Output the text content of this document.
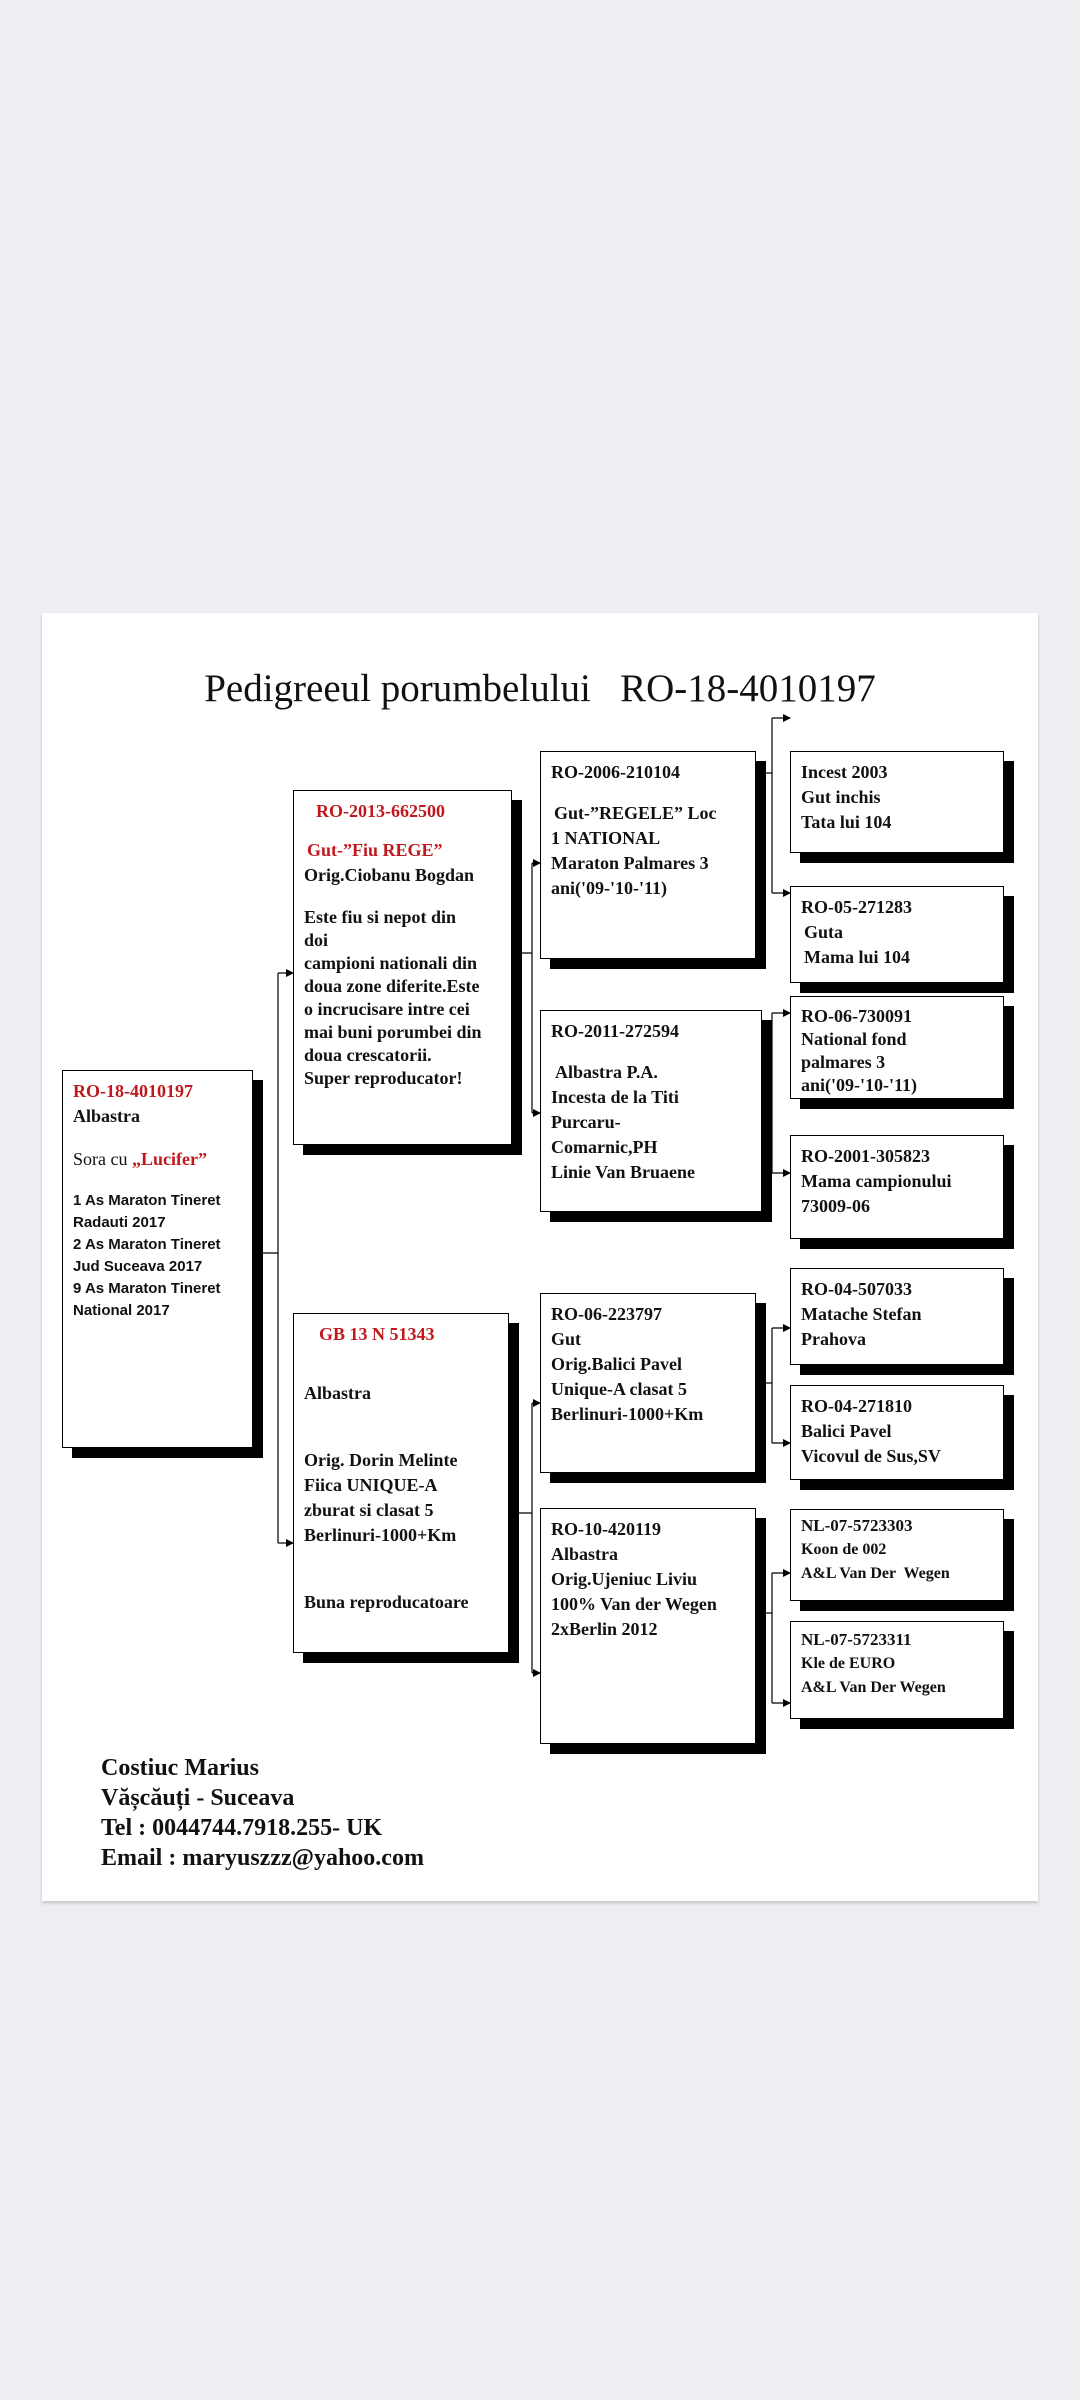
Pedigreeul porumbelului   RO-18-4010197
RO-18-4010197
Albastra
Sora cu „Lucifer”
1 As Maraton Tineret
Radauti 2017
2 As Maraton Tineret
Jud Suceava 2017
9 As Maraton Tineret
National 2017
RO-2013-662500
Gut-”Fiu REGE”
Orig.Ciobanu Bogdan
Este fiu si nepot din
doi
campioni nationali din
doua zone diferite.Este
o incrucisare intre cei
mai buni porumbei din
doua crescatorii.
Super reproducator!
GB 13 N 51343
Albastra
Orig. Dorin Melinte
Fiica UNIQUE-A
zburat si clasat 5
Berlinuri-1000+Km
Buna reproducatoare
RO-2006-210104
Gut-”REGELE” Loc
1 NATIONAL
Maraton Palmares 3
ani('09-'10-'11)
RO-2011-272594
Albastra P.A.
Incesta de la Titi
Purcaru-
Comarnic,PH
Linie Van Bruaene
RO-06-223797
Gut
Orig.Balici Pavel
Unique-A clasat 5
Berlinuri-1000+Km
RO-10-420119
Albastra
Orig.Ujeniuc Liviu
100% Van der Wegen
2xBerlin 2012
Incest 2003
Gut inchis
Tata lui 104
RO-05-271283
Guta
Mama lui 104
RO-06-730091
National fond
palmares 3
ani('09-'10-'11)
RO-2001-305823
Mama campionului
73009-06
RO-04-507033
Matache Stefan
Prahova
RO-04-271810
Balici Pavel
Vicovul de Sus,SV
NL-07-5723303
Koon de 002
A&L Van Der  Wegen
NL-07-5723311
Kle de EURO
A&L Van Der Wegen
Costiuc Marius
Vășcăuți - Suceava
Tel : 0044744.7918.255- UK
Email : maryuszzz@yahoo.com
